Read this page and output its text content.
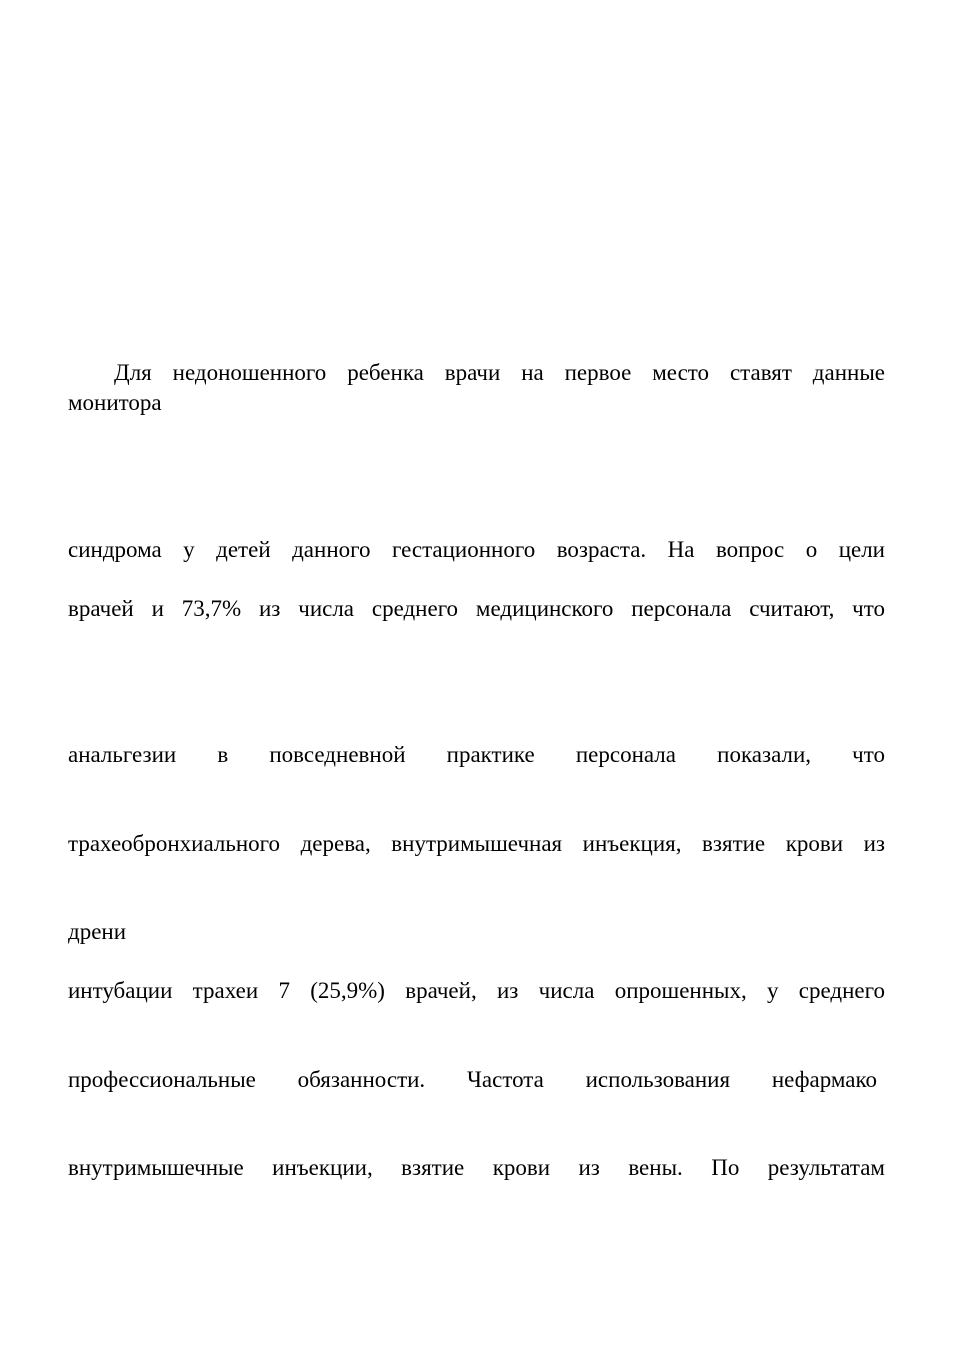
Для недоношенного ребенка врачи на первое место ставят данные

монитора

синдрома у детей данного гестационного возраста. На вопрос о цели

врачей и 73,7% из числа среднего медицинского персонала считают, что

анальгезии в повседневной практике персонала показали, что

трахеобронхиального дерева, внутримышечная инъекция, взятие крови из

дрени

интубации трахеи 7 (25,9%) врачей, из числа опрошенных, у среднего

профессиональные обязанности. Частота использования нефармако

внутримышечные инъекции, взятие крови из вены. По результатам
